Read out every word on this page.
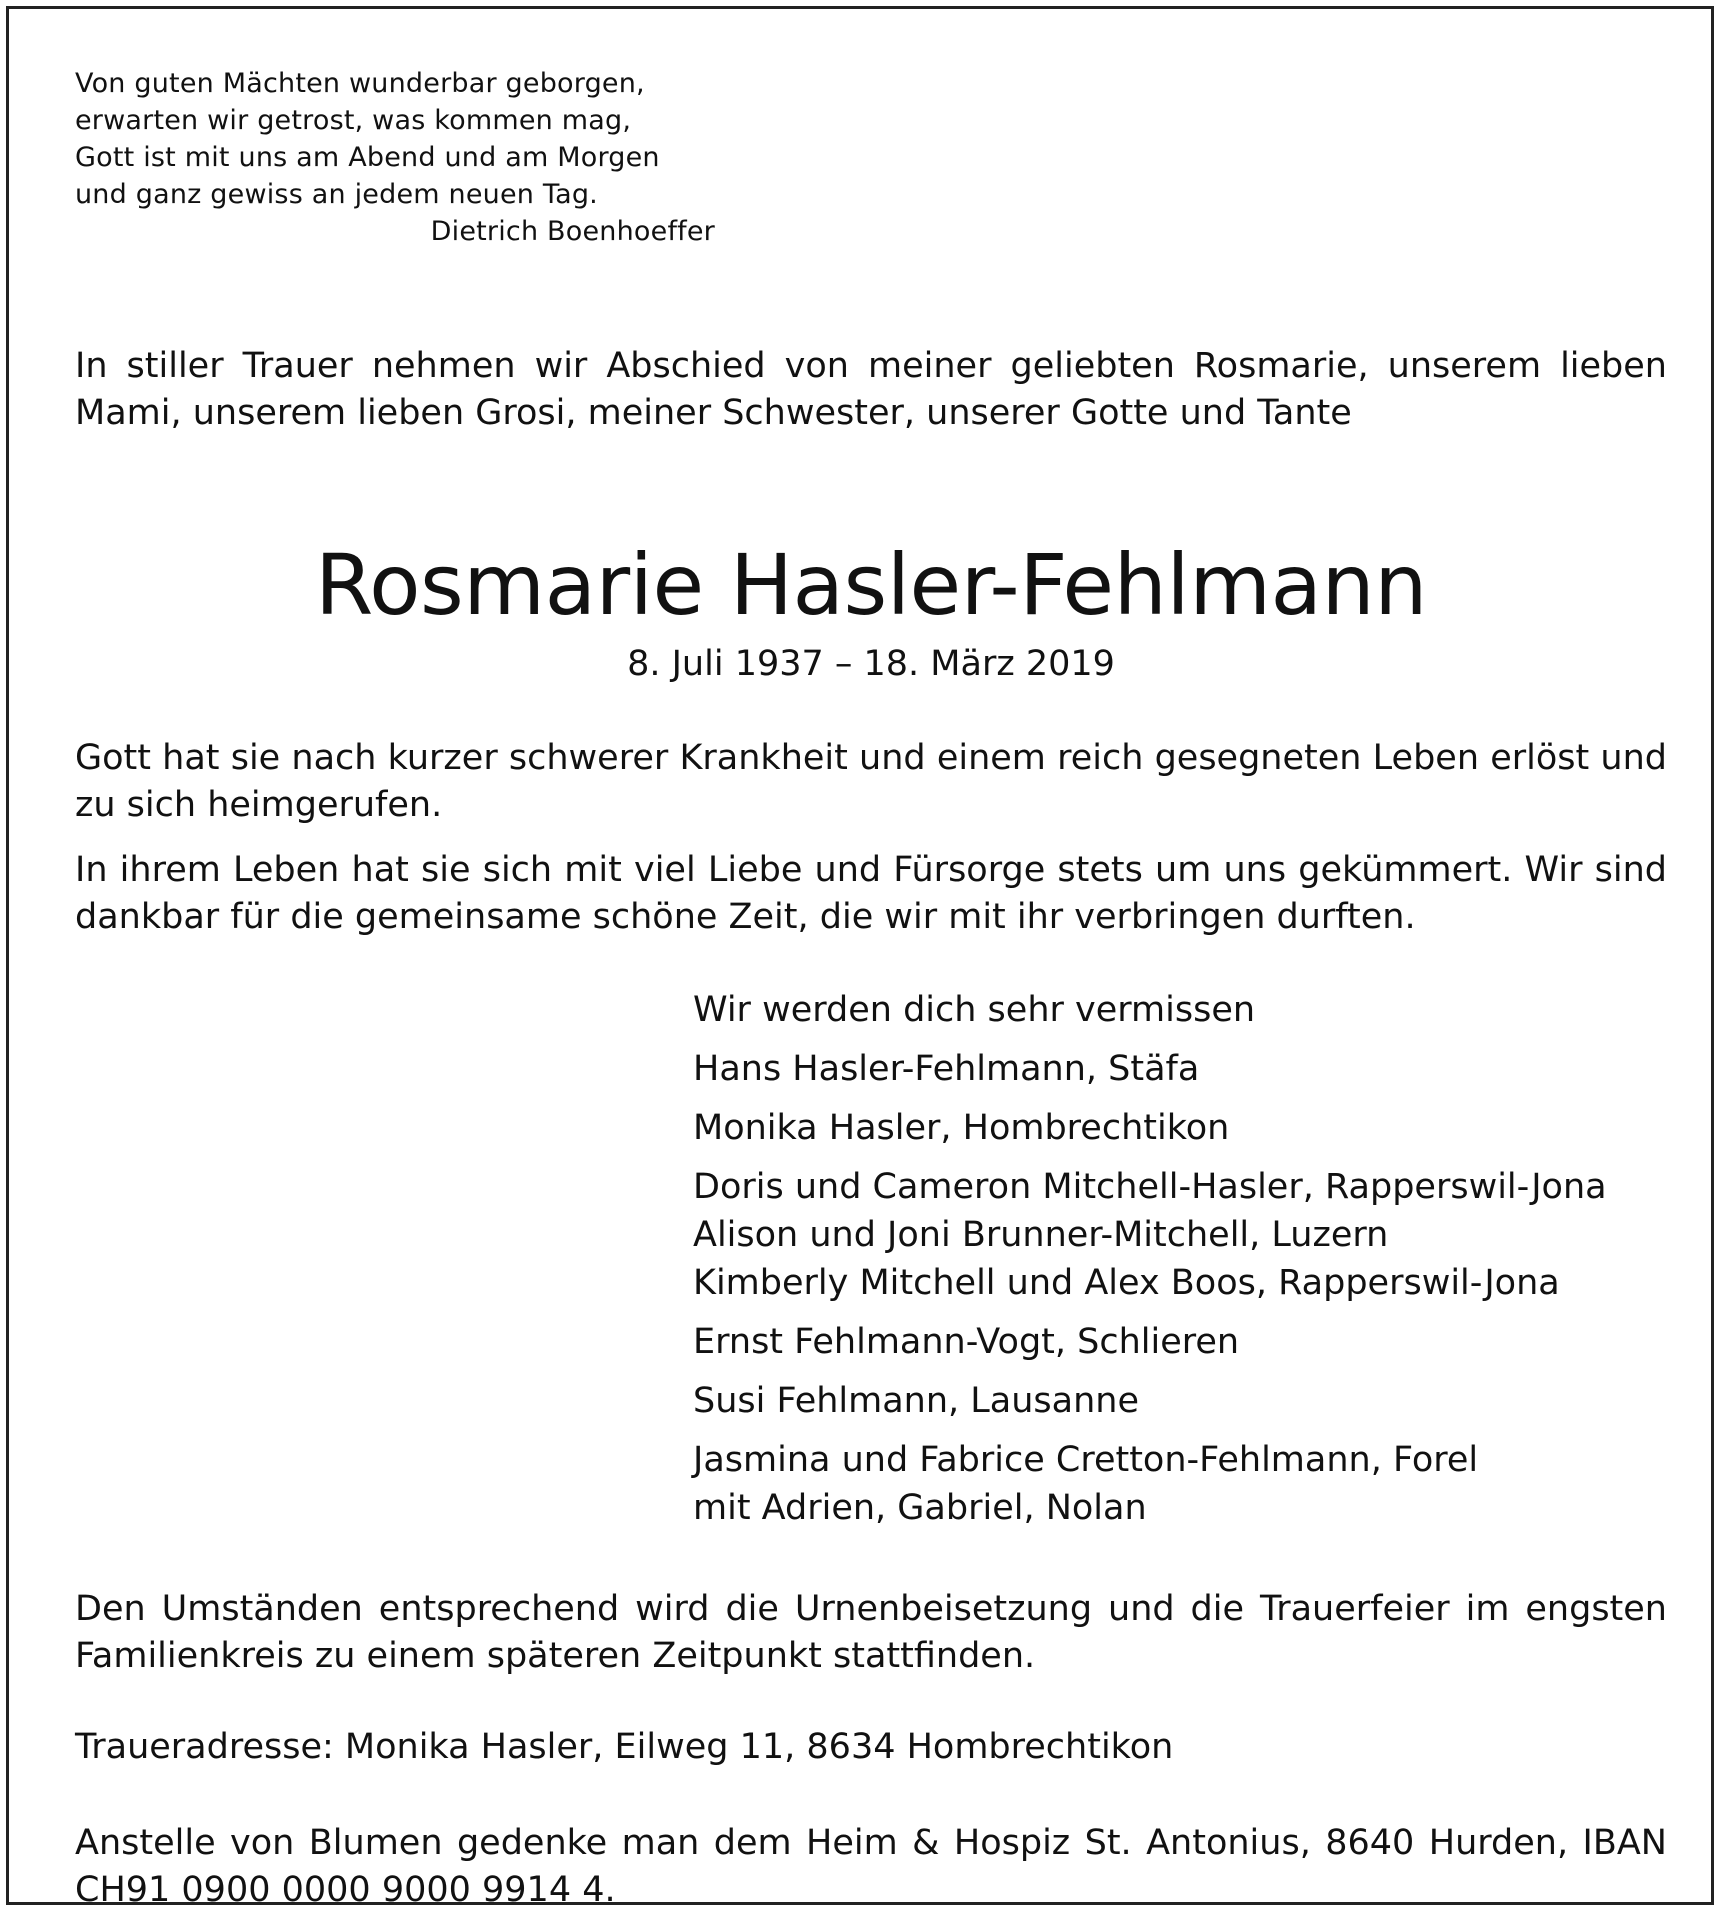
Von guten Mächten wunderbar geborgen,
erwarten wir getrost, was kommen mag,
Gott ist mit uns am Abend und am Morgen
und ganz gewiss an jedem neuen Tag.
Dietrich Boenhoeffer
In stiller Trauer nehmen wir Abschied von meiner geliebten Rosmarie, unserem lieben Mami, unserem lieben Grosi, meiner Schwester, unserer Gotte und Tante
Rosmarie Hasler-Fehlmann
8. Juli 1937 – 18. März 2019
Gott hat sie nach kurzer schwerer Krankheit und einem reich gesegneten Leben erlöst und zu sich heimgerufen.
In ihrem Leben hat sie sich mit viel Liebe und Fürsorge stets um uns gekümmert. Wir sind dankbar für die gemeinsame schöne Zeit, die wir mit ihr verbringen durften.
Wir werden dich sehr vermissen
Hans Hasler-Fehlmann, Stäfa
Monika Hasler, Hombrechtikon
Doris und Cameron Mitchell-Hasler, Rapperswil-Jona
Alison und Joni Brunner-Mitchell, Luzern
Kimberly Mitchell und Alex Boos, Rapperswil-Jona
Ernst Fehlmann-Vogt, Schlieren
Susi Fehlmann, Lausanne
Jasmina und Fabrice Cretton-Fehlmann, Forel
mit Adrien, Gabriel, Nolan
Den Umständen entsprechend wird die Urnenbeisetzung und die Trauerfeier im engsten Familienkreis zu einem späteren Zeitpunkt stattfinden.
Traueradresse: Monika Hasler, Eilweg 11, 8634 Hombrechtikon
Anstelle von Blumen gedenke man dem Heim & Hospiz St. Antonius, 8640 Hurden, IBAN CH91 0900 0000 9000 9914 4.
